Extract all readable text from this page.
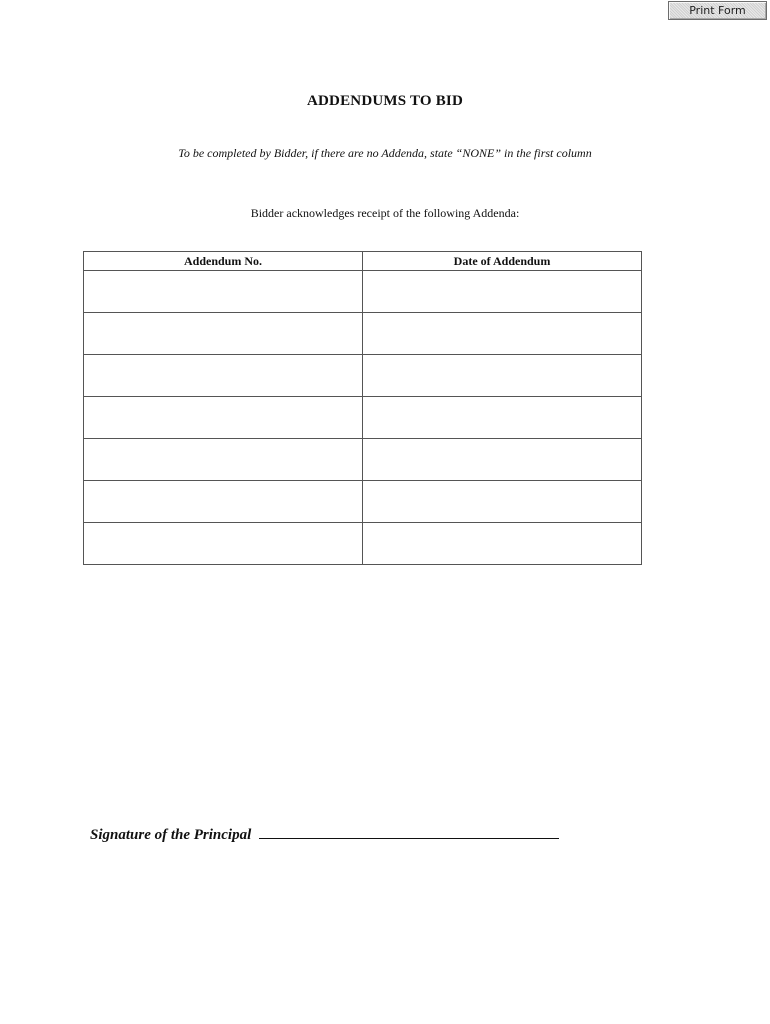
Print Form
ADDENDUMS TO BID
To be completed by Bidder, if there are no Addenda, state “NONE” in the first column
Bidder acknowledges receipt of the following Addenda:
Addendum No.	Date of Addendum

Signature of the Principal
